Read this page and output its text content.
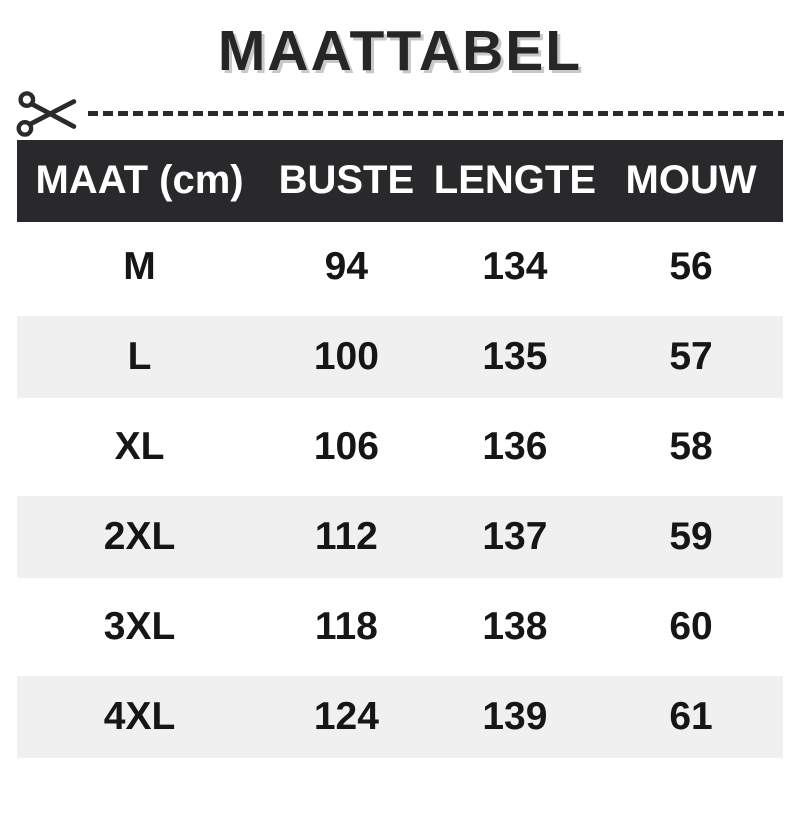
MAATTABEL
MAAT (cm) BUSTE LENGTE MOUW
M	94	134	56
L	100	135	57
XL	106	136	58
2XL	112	137	59
3XL	118	138	60
4XL	124	139	61
